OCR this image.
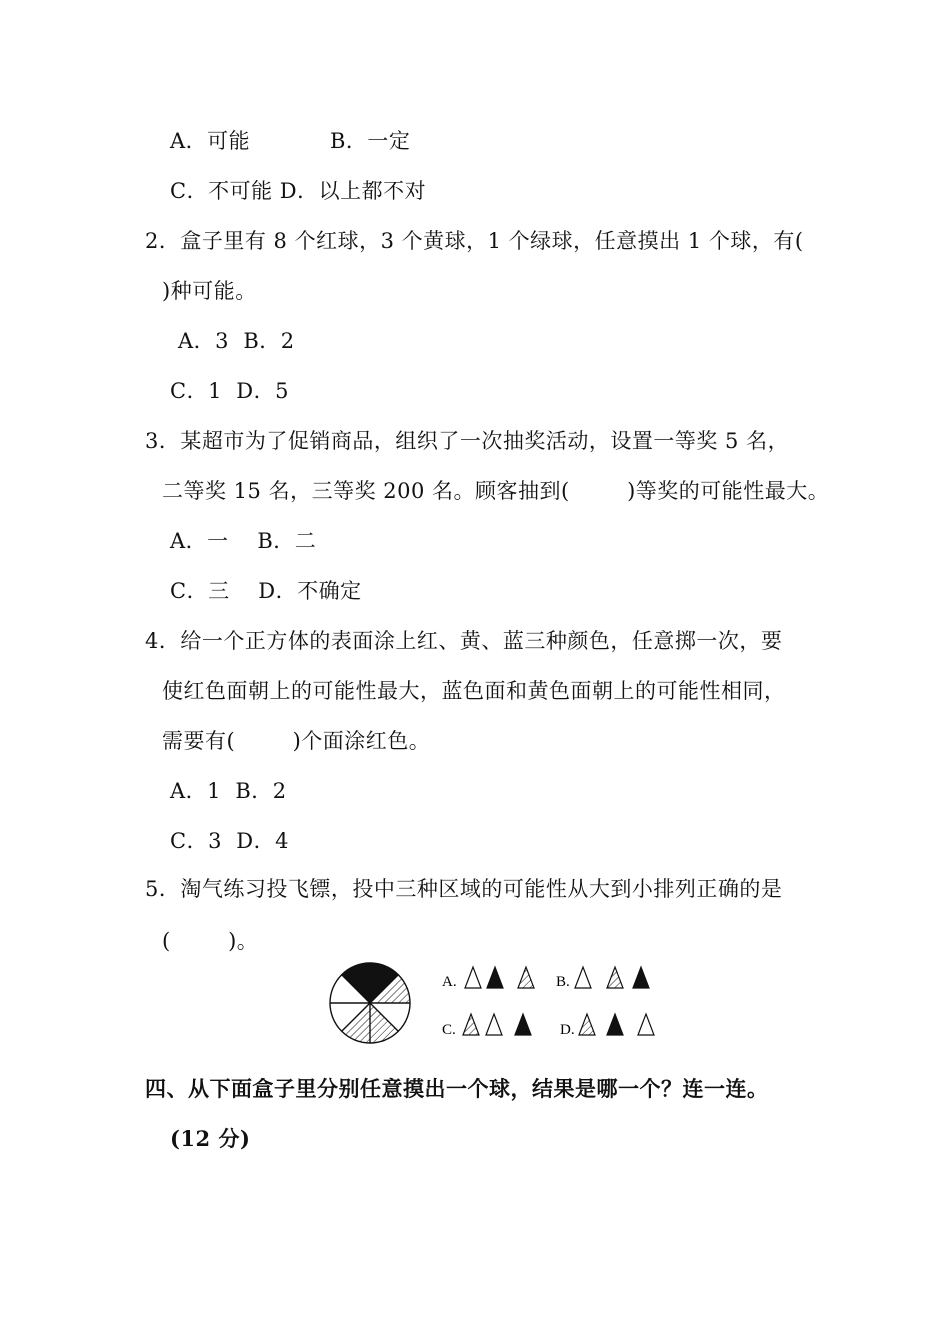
A．可能	B．一定
C．不可能 D．以上都不对
2．盒子里有 8 个红球，3 个黄球，1 个绿球，任意摸出 1 个球，有(
)种可能。
A．3  B．2
C．1  D．5
3．某超市为了促销商品，组织了一次抽奖活动，设置一等奖 5 名，
二等奖 15 名，三等奖 200 名。顾客抽到(        )等奖的可能性最大。
A．一    B．二
C．三    D．不确定
4．给一个正方体的表面涂上红、黄、蓝三种颜色，任意掷一次，要
使红色面朝上的可能性最大，蓝色面和黄色面朝上的可能性相同，
需要有(        )个面涂红色。
A．1  B．2
C．3  D．4
5．淘气练习投飞镖，投中三种区域的可能性从大到小排列正确的是
(        )。
A.	B.
C.	D.
四、从下面盒子里分别任意摸出一个球，结果是哪一个？连一连。
(12 分)
